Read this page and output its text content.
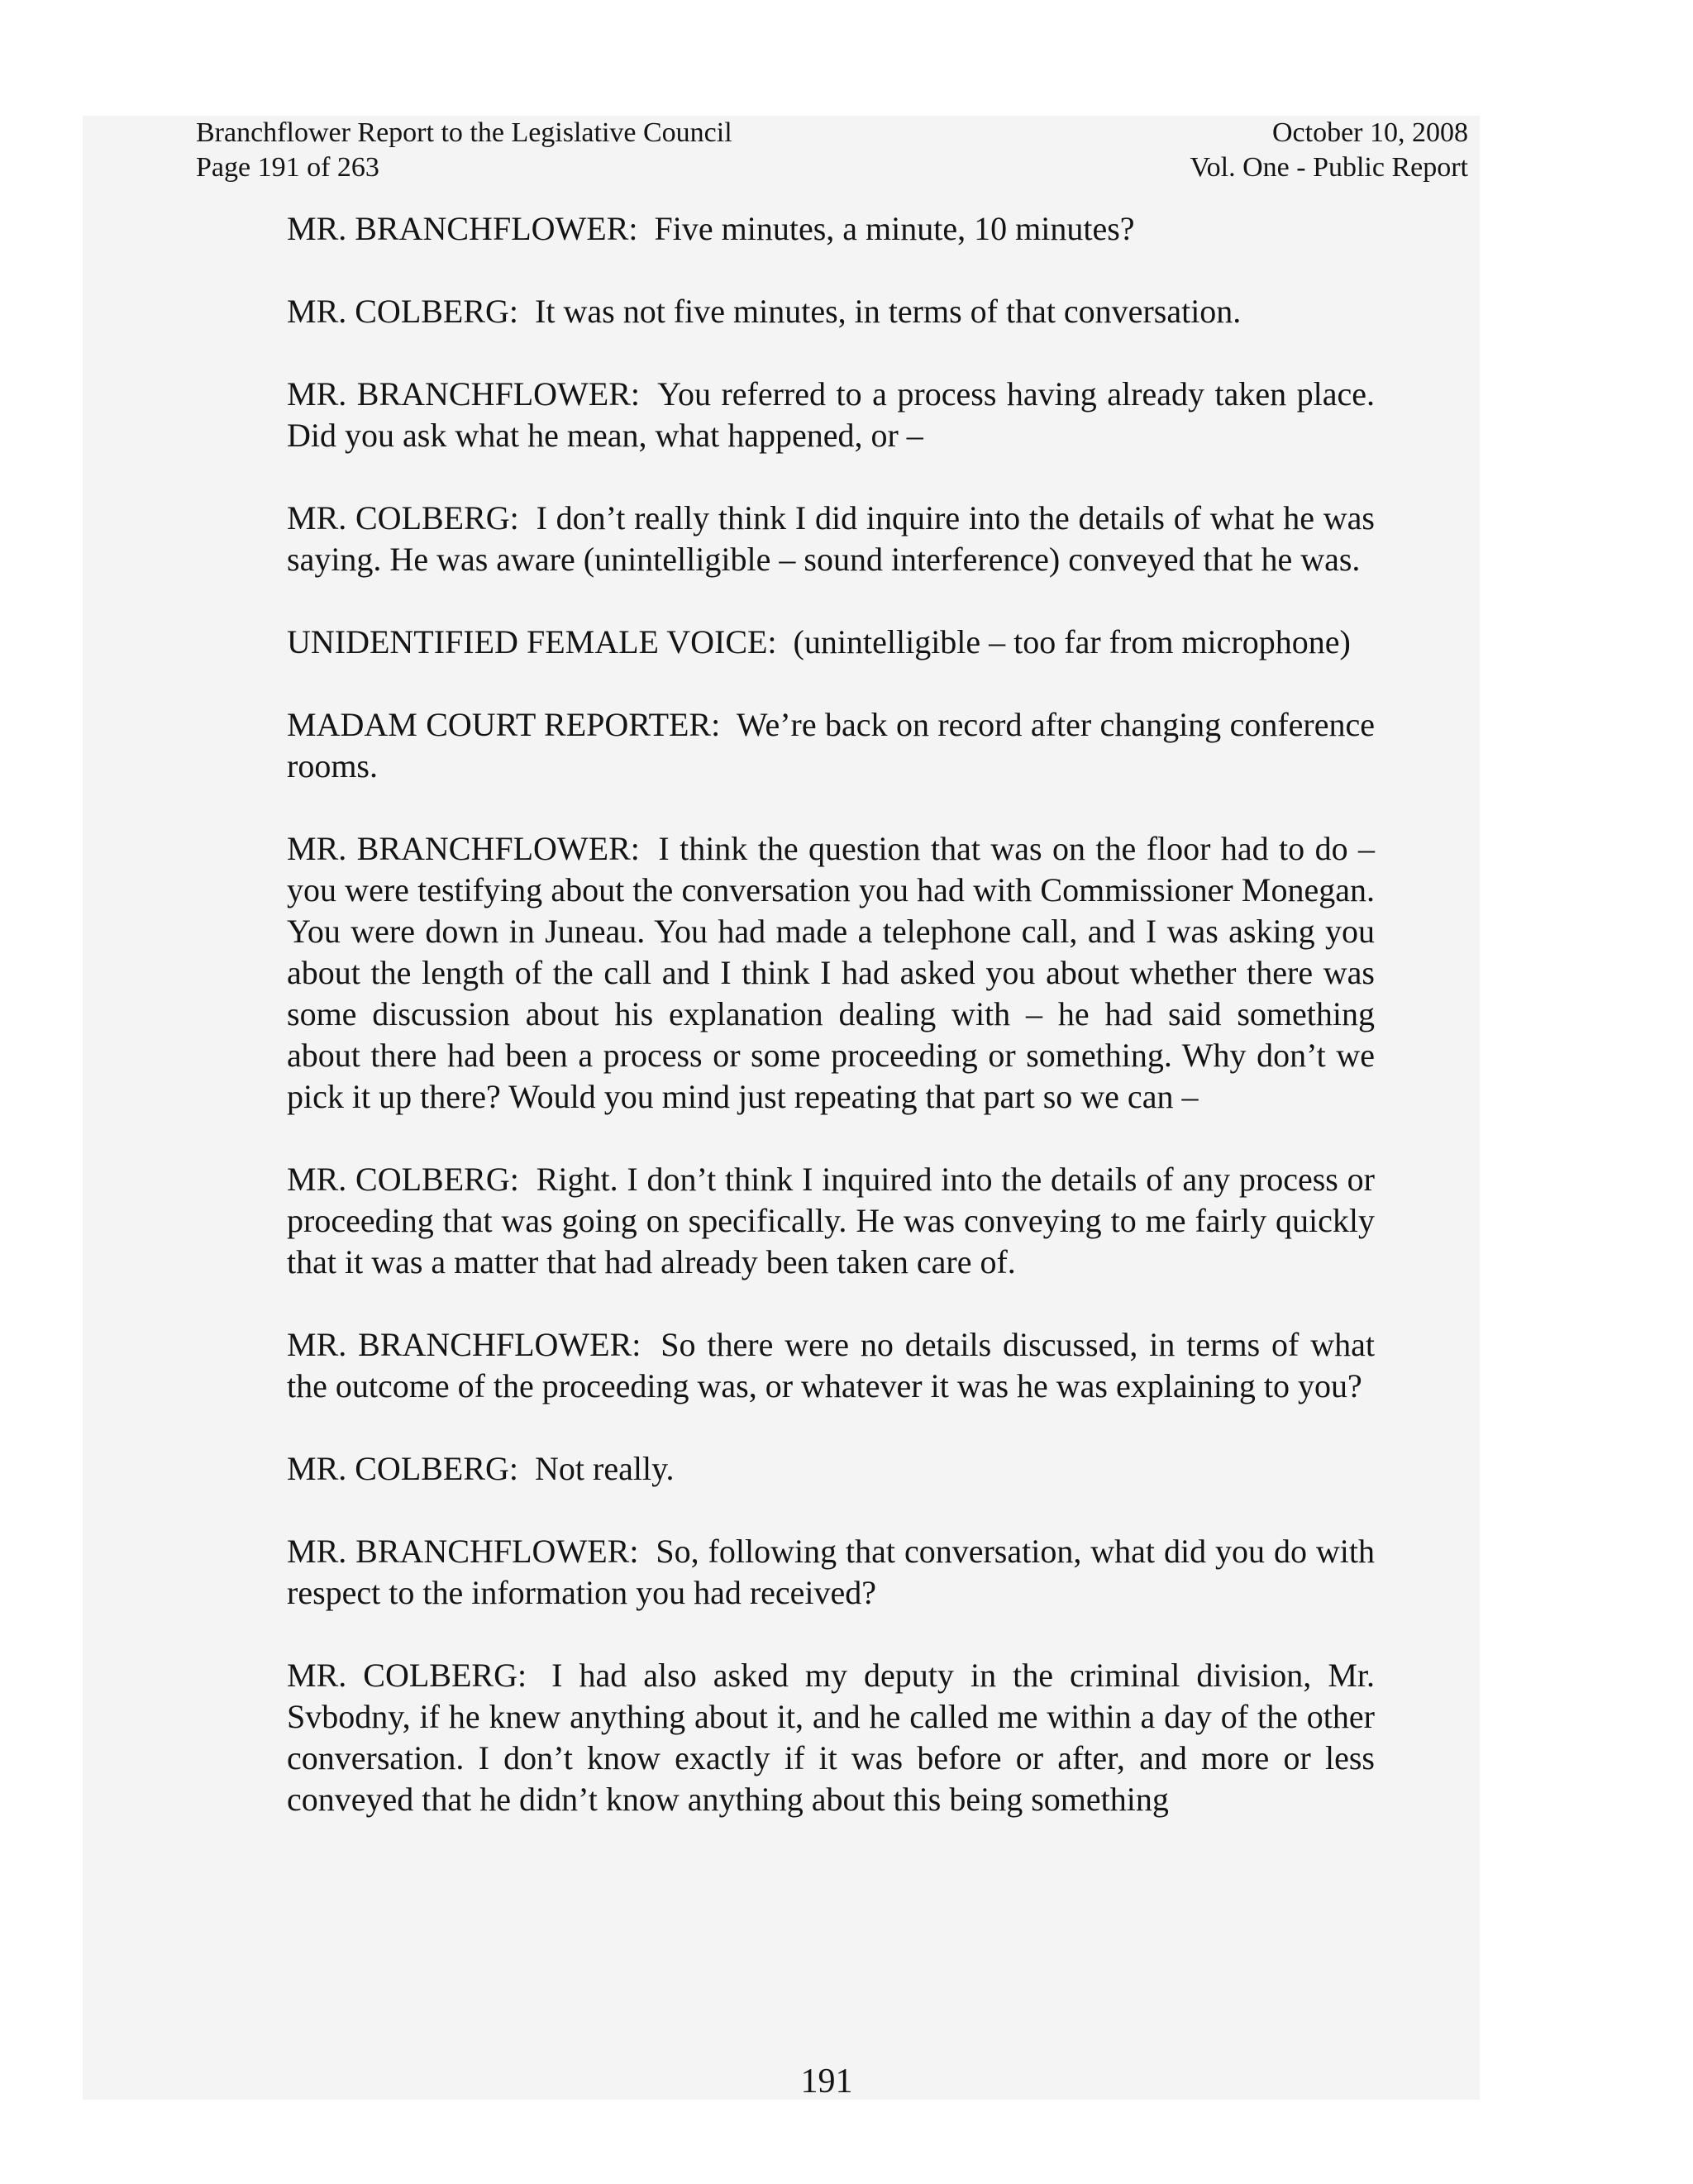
Branchflower Report to the Legislative Council
Page 191 of 263
October 10, 2008
Vol. One - Public Report

MR. BRANCHFLOWER: Five minutes, a minute, 10 minutes?

MR. COLBERG: It was not five minutes, in terms of that conversation.

MR. BRANCHFLOWER: You referred to a process having already taken place. Did you ask what he mean, what happened, or –

MR. COLBERG: I don’t really think I did inquire into the details of what he was saying. He was aware (unintelligible – sound interference) conveyed that he was.

UNIDENTIFIED FEMALE VOICE: (unintelligible – too far from microphone)

MADAM COURT REPORTER: We’re back on record after changing conference rooms.

MR. BRANCHFLOWER: I think the question that was on the floor had to do – you were testifying about the conversation you had with Commissioner Monegan. You were down in Juneau. You had made a telephone call, and I was asking you about the length of the call and I think I had asked you about whether there was some discussion about his explanation dealing with – he had said something about there had been a process or some proceeding or something. Why don’t we pick it up there? Would you mind just repeating that part so we can –

MR. COLBERG: Right. I don’t think I inquired into the details of any process or proceeding that was going on specifically. He was conveying to me fairly quickly that it was a matter that had already been taken care of.

MR. BRANCHFLOWER: So there were no details discussed, in terms of what the outcome of the proceeding was, or whatever it was he was explaining to you?

MR. COLBERG: Not really.

MR. BRANCHFLOWER: So, following that conversation, what did you do with respect to the information you had received?

MR. COLBERG: I had also asked my deputy in the criminal division, Mr. Svbodny, if he knew anything about it, and he called me within a day of the other conversation. I don’t know exactly if it was before or after, and more or less conveyed that he didn’t know anything about this being something

191
